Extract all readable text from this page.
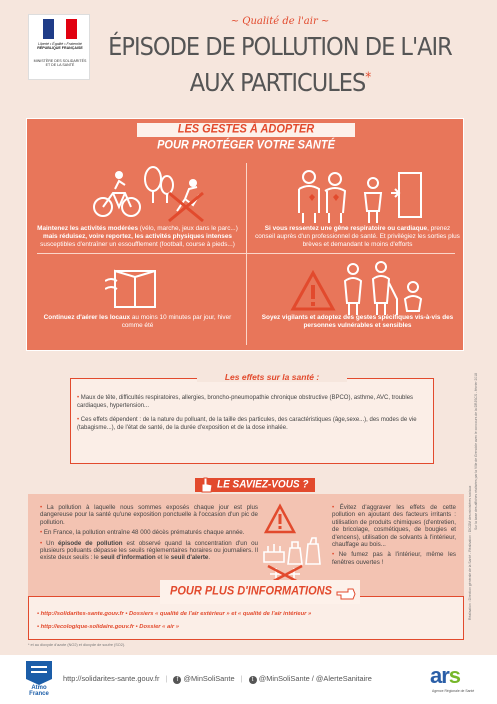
Liberté • Égalité • Fraternité
RÉPUBLIQUE FRANÇAISE
MINISTÈRE DES SOLIDARITÉS ET DE LA SANTÉ
~ Qualité de l'air ~
ÉPISODE DE POLLUTION DE L'AIR
AUX PARTICULES*
LES GESTES À ADOPTER
POUR PROTÉGER VOTRE SANTÉ
Maintenez les activités modérées (vélo, marche, jeux dans le parc...) mais réduisez, voire reportez, les activités physiques intenses susceptibles d'entraîner un essoufflement (football, course à pieds...)
Si vous ressentez une gêne respiratoire ou cardiaque, prenez conseil auprès d'un professionnel de santé. Et privilégiez les sorties plus brèves et demandant le moins d'efforts
Continuez d'aérer les locaux au moins 10 minutes par jour, hiver comme été
Soyez vigilants et adoptez des gestes spécifiques vis-à-vis des personnes vulnérables et sensibles
• Maux de tête, difficultés respiratoires, allergies, broncho-pneumopathie chronique obstructive (BPCO), asthme, AVC, troubles cardiaques, hypertension...
• Ces effets dépendent : de la nature du polluant, de la taille des particules, des caractéristiques (âge,sexe...), des modes de vie (tabagisme...), de l'état de santé, de la durée d'exposition et de la dose inhalée.
Les effets sur la santé :

• La pollution à laquelle nous sommes exposés chaque jour est plus dangereuse pour la santé qu'une exposition ponctuelle à l'occasion d'un pic de pollution.

• En France, la pollution entraîne 48 000 décès prématurés chaque année.

• Un épisode de pollution est observé quand la concentration d'un ou plusieurs polluants dépasse les seuils réglementaires horaires ou journaliers. Il existe deux seuils : le seuil d'information et le seuil d'alerte.

• Évitez d'aggraver les effets de cette pollution en ajoutant des facteurs irritants : utilisation de produits chimiques (d'entretien, de bricolage, cosmétiques, de bougies et d'encens), utilisation de solvants à l'intérieur, chauffage au bois...

• Ne fumez pas à l'intérieur, même les fenêtres ouvertes !

LE SAVIEZ-VOUS ?
• http://solidarites-sante.gouv.fr • Dossiers « qualité de l'air extérieur » et « qualité de l'air intérieur »
• http://ecologique-solidaire.gouv.fr • Dossier « air »
POUR PLUS D'INFORMATIONS
* et au dioxyde d'azote (NO2) et dioxyde de soufre (SO2).
Réalisation : Direction générale de la Santé - Réalisation : DICOM des ministères sociaux
Sur la base des affiches réalisées par la Ville de Grenoble avec le concours de la DRJSCS - février 2018
Atmo France
http://solidarites-sante.gouv.fr | f @MinSoliSante | t @MinSoliSante / @AlerteSanitaire	ars
Agence Régionale de Santé
